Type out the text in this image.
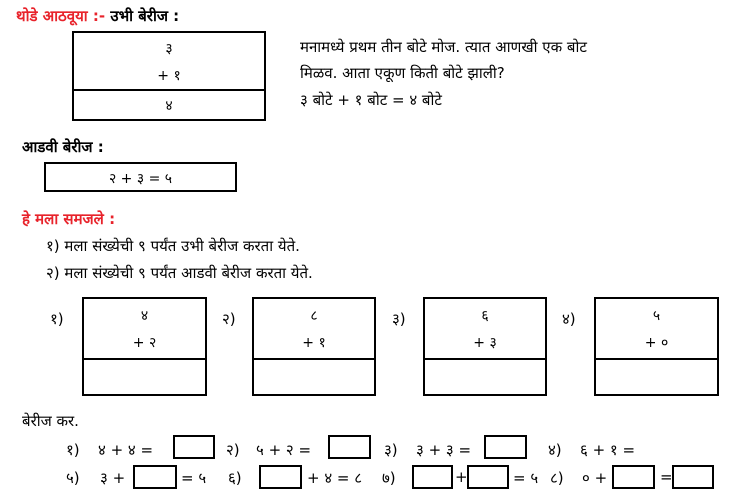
थोडे आठवूया :- उभी बेरीज :
३
+ १
४
मनामध्ये प्रथम तीन बोटे मोज. त्यात आणखी एक बोट
मिळव. आता एकूण किती बोटे झाली?
३ बोटे + १ बोट = ४ बोटे
आडवी बेरीज :
२ + ३ = ५
हे मला समजले :
१) मला संख्येची ९ पर्यंत उभी बेरीज करता येते.
२) मला संख्येची ९ पर्यंत आडवी बेरीज करता येते.
१)	४
+ २
२)	८
+ १
३)	६
+ ३
४)	५
+ ०
बेरीज कर.
१) ४ + ४ =	२) ५ + २ =	३) ३ + ३ =	४) ६ + १ =
५) ३ +	= ५ ६)	+ ४ = ८ ७)	+	= ५ ८) ० +	=
